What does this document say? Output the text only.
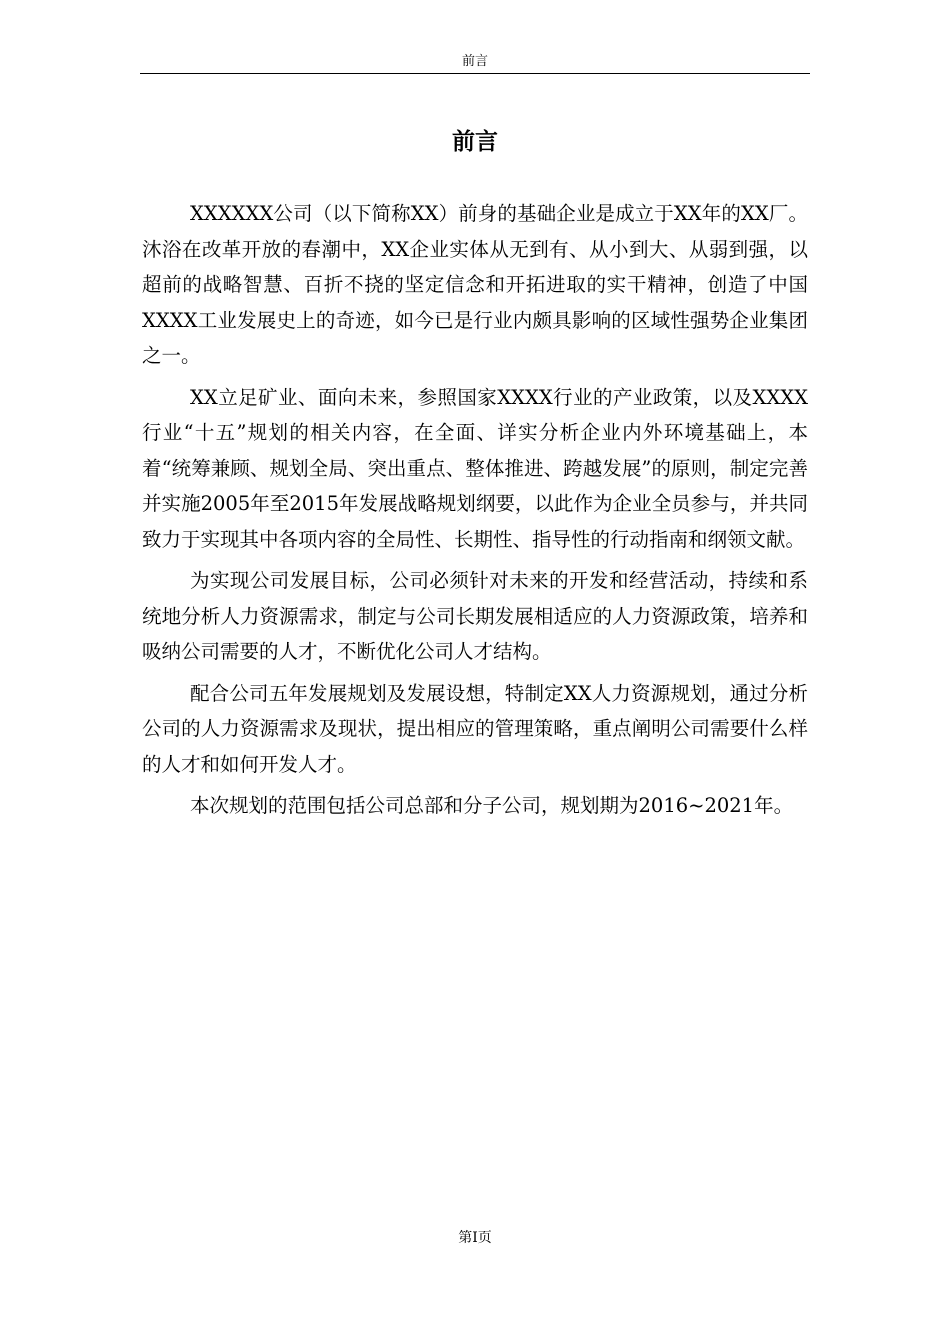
前言
前言

XXXXXX公司（以下简称XX）前身的基础企业是成立于XX年的XX厂。沐浴在改革开放的春潮中，XX企业实体从无到有、从小到大、从弱到强，以超前的战略智慧、百折不挠的坚定信念和开拓进取的实干精神，创造了中国XXXX工业发展史上的奇迹，如今已是行业内颇具影响的区域性强势企业集团之一。

XX立足矿业、面向未来，参照国家XXXX行业的产业政策，以及XXXX行业“十五”规划的相关内容，在全面、详实分析企业内外环境基础上，本着“统筹兼顾、规划全局、突出重点、整体推进、跨越发展”的原则，制定完善并实施2005年至2015年发展战略规划纲要，以此作为企业全员参与，并共同致力于实现其中各项内容的全局性、长期性、指导性的行动指南和纲领文献。

为实现公司发展目标，公司必须针对未来的开发和经营活动，持续和系统地分析人力资源需求，制定与公司长期发展相适应的人力资源政策，培养和吸纳公司需要的人才，不断优化公司人才结构。

配合公司五年发展规划及发展设想，特制定XX人力资源规划，通过分析公司的人力资源需求及现状，提出相应的管理策略，重点阐明公司需要什么样的人才和如何开发人才。

本次规划的范围包括公司总部和分子公司，规划期为2016~2021年。

第I页
